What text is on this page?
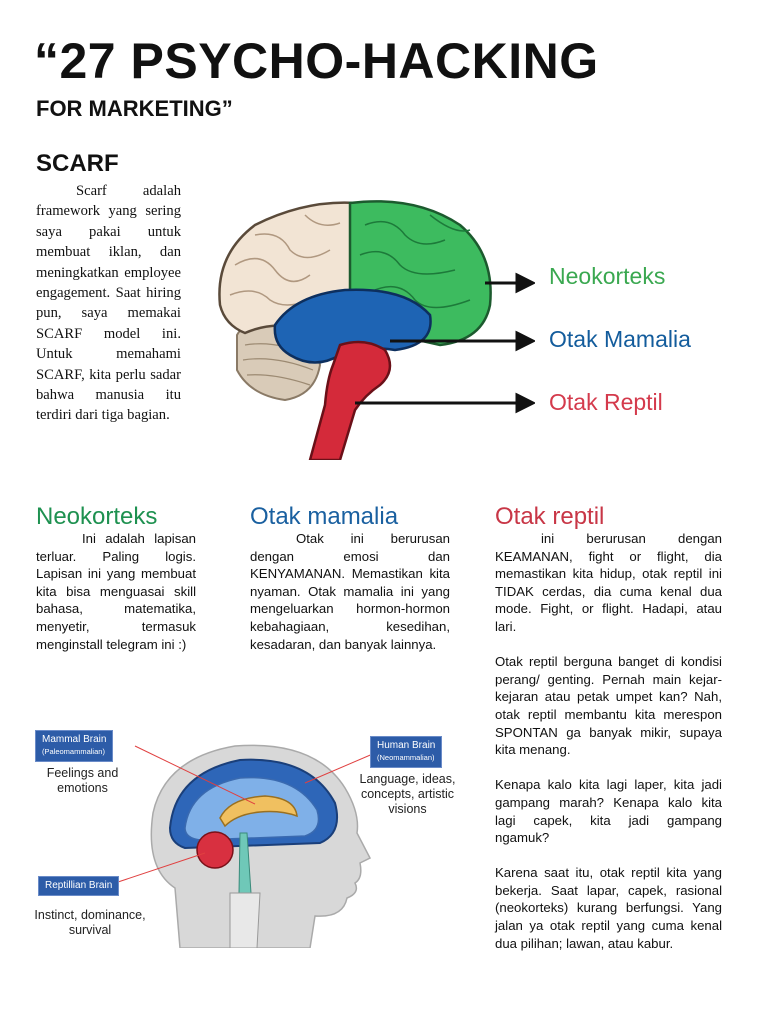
“27 PSYCHO-HACKING
FOR MARKETING”
SCARF
Scarf adalah framework yang sering saya pakai untuk membuat iklan, dan meningkatkan employee engagement. Saat hiring pun, saya memakai SCARF model ini. Untuk memahami SCARF, kita perlu sadar bahwa manusia itu terdiri dari tiga bagian.
Neokorteks
Otak Mamalia
Otak Reptil
Neokorteks	Otak mamalia	Otak reptil

Ini adalah lapisan terluar. Paling logis. Lapisan ini yang membuat kita bisa menguasai skill bahasa, matematika, menyetir, termasuk menginstall telegram ini :)

Otak ini berurusan dengan emosi dan KENYAMANAN. Memastikan kita nyaman. Otak mamalia ini yang mengeluarkan hormon-hormon kebahagiaan, kesedihan, kesadaran, dan banyak lainnya.

ini berurusan dengan KEAMANAN, fight or flight, dia memastikan kita hidup, otak reptil ini TIDAK cerdas, dia cuma kenal dua mode. Fight, or flight. Hadapi, atau lari.

Otak reptil berguna banget di kondisi perang/ genting. Pernah main kejar-kejaran atau petak umpet kan? Nah, otak reptil membantu kita merespon SPONTAN ga banyak mikir, supaya kita menang.

Kenapa kalo kita lagi laper, kita jadi gampang marah? Kenapa kalo kita lagi capek, kita jadi gampang ngamuk?

Karena saat itu, otak reptil kita yang bekerja. Saat lapar, capek, rasional (neokorteks) kurang berfungsi. Yang jalan ya otak reptil yang cuma kenal dua pilihan; lawan, atau kabur.

Mammal Brain
(Paleomammalian)
Feelings and emotions
Human Brain
(Neomammalian)
Language, ideas, concepts, artistic visions
Reptillian Brain
Instinct, dominance, survival
